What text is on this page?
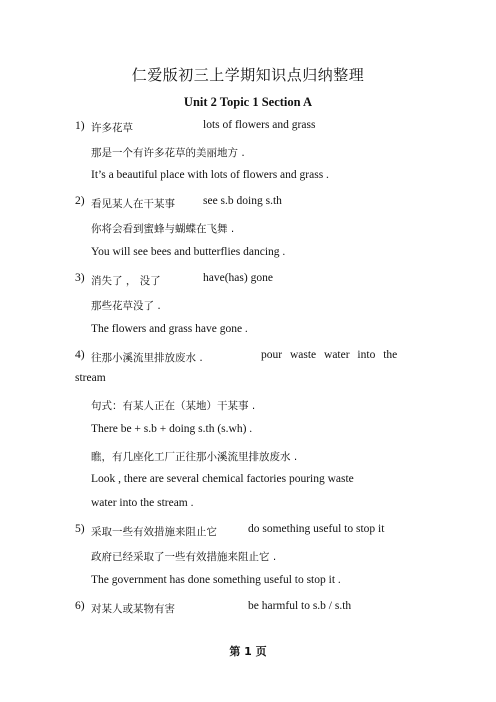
仁爱版初三上学期知识点归纳整理
Unit 2 Topic 1 Section A
1) 许多花草	lots of flowers and grass
那是一个有许多花草的美丽地方 .
It’s a beautiful place with lots of flowers and grass .
2) 看见某人在干某事 see s.b doing s.th
你将会看到蜜蜂与蝴蝶在飞舞 .
You will see bees and butterflies dancing .
3) 消失了 ， 没了	have(has) gone
那些花草没了 .
The flowers and grass have gone .
4) 往那小溪流里排放废水 .	pour waste water into the
stream
句式：有某人正在（某地）干某事 .
There be + s.b + doing s.th (s.wh) .
瞧，有几座化工厂正往那小溪流里排放废水 .
Look , there are several chemical factories pouring waste
water into the stream .
5) 采取一些有效措施来阻止它	do something useful to stop it
政府已经采取了一些有效措施来阻止它 .
The government has done something useful to stop it .
6) 对某人或某物有害	be harmful to s.b / s.th
第 1 页
